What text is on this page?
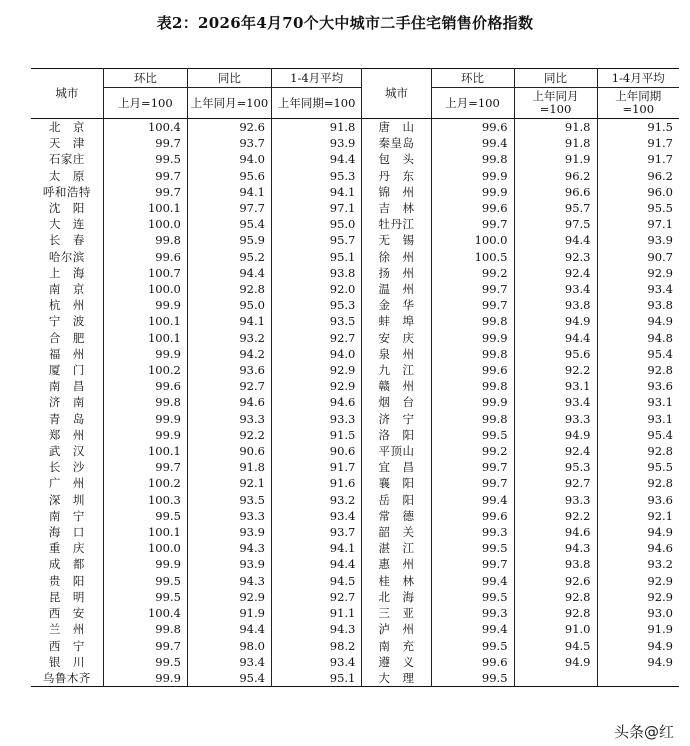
表2：2026年4月70个大中城市二手住宅销售价格指数
城市	环比	同比	1-4月平均	城市	环比	同比	1-4月平均
	上月=100	上年同月=100	上年同期=100		上月=100	上年同月
=100	上年同期
=100
北　京	100.4	92.6	91.8	唐　山	99.6	91.8	91.5
天　津	99.7	93.7	93.9	秦皇岛	99.4	91.8	91.7
石家庄	99.5	94.0	94.4	包　头	99.8	91.9	91.7
太　原	99.7	95.6	95.3	丹　东	99.9	96.2	96.2
呼和浩特	99.7	94.1	94.1	锦　州	99.9	96.6	96.0
沈　阳	100.1	97.7	97.1	吉　林	99.6	95.7	95.5
大　连	100.0	95.4	95.0	牡丹江	99.7	97.5	97.1
长　春	99.8	95.9	95.7	无　锡	100.0	94.4	93.9
哈尔滨	99.6	95.2	95.1	徐　州	100.5	92.3	90.7
上　海	100.7	94.4	93.8	扬　州	99.2	92.4	92.9
南　京	100.0	92.8	92.0	温　州	99.7	93.4	93.4
杭　州	99.9	95.0	95.3	金　华	99.7	93.8	93.8
宁　波	100.1	94.1	93.5	蚌　埠	99.8	94.9	94.9
合　肥	100.1	93.2	92.7	安　庆	99.9	94.4	94.8
福　州	99.9	94.2	94.0	泉　州	99.8	95.6	95.4
厦　门	100.2	93.6	92.9	九　江	99.6	92.2	92.8
南　昌	99.6	92.7	92.9	赣　州	99.8	93.1	93.6
济　南	99.8	94.6	94.6	烟　台	99.9	93.4	93.1
青　岛	99.9	93.3	93.3	济　宁	99.8	93.3	93.1
郑　州	99.9	92.2	91.5	洛　阳	99.5	94.9	95.4
武　汉	100.1	90.6	90.6	平顶山	99.2	92.4	92.8
长　沙	99.7	91.8	91.7	宜　昌	99.7	95.3	95.5
广　州	100.2	92.1	91.6	襄　阳	99.7	92.7	92.8
深　圳	100.3	93.5	93.2	岳　阳	99.4	93.3	93.6
南　宁	99.5	93.3	93.4	常　德	99.6	92.2	92.1
海　口	100.1	93.9	93.7	韶　关	99.3	94.6	94.9
重　庆	100.0	94.3	94.1	湛　江	99.5	94.3	94.6
成　都	99.9	93.9	94.4	惠　州	99.7	93.8	93.2
贵　阳	99.5	94.3	94.5	桂　林	99.4	92.6	92.9
昆　明	99.5	92.9	92.7	北　海	99.5	92.8	92.9
西　安	100.4	91.9	91.1	三　亚	99.3	92.8	93.0
兰　州	99.8	94.4	94.3	泸　州	99.4	91.0	91.9
西　宁	99.7	98.0	98.2	南　充	99.5	94.5	94.9
银　川	99.5	93.4	93.4	遵　义	99.6	94.9	94.9
乌鲁木齐	99.9	95.4	95.1	大　理	99.5		
头条@红
